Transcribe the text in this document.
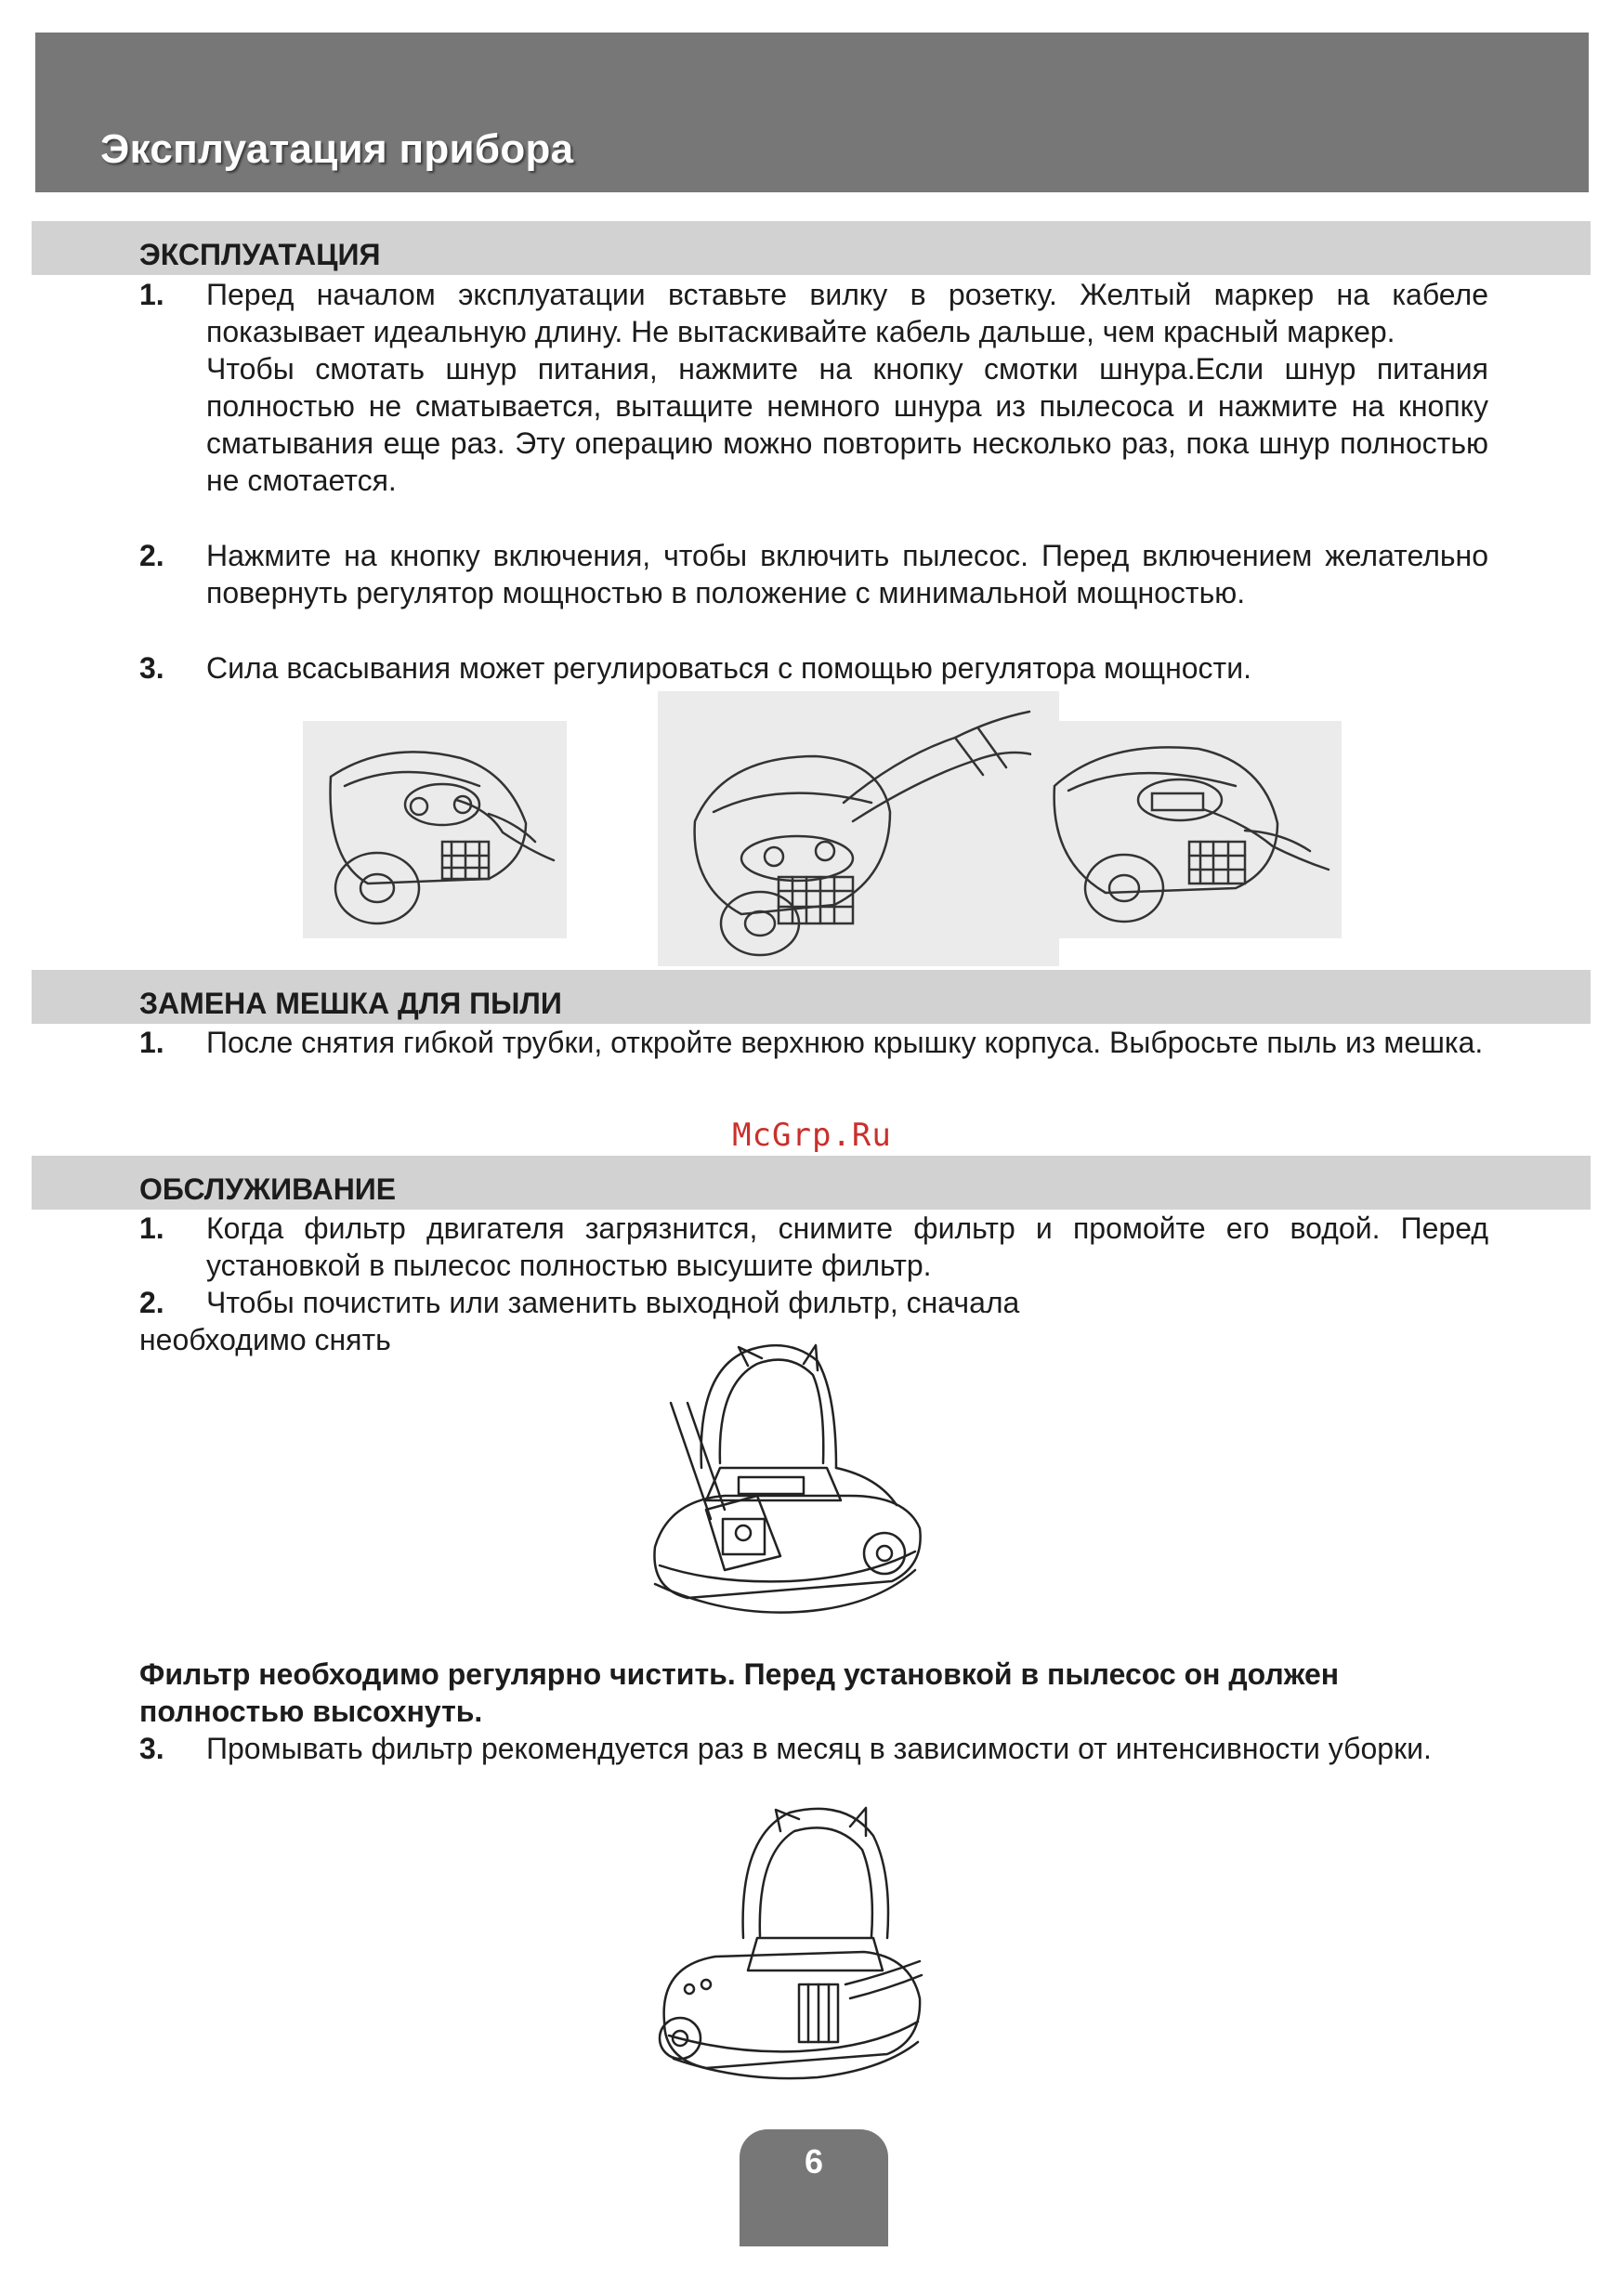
Эксплуатация прибора
ЭКСПЛУАТАЦИЯ
1. Перед началом эксплуатации вставьте вилку в розетку. Желтый маркер на кабеле показывает идеальную длину. Не вытаскивайте кабель дальше, чем красный маркер.
Чтобы смотать шнур питания, нажмите на кнопку смотки шнура.Если шнур питания полностью не сматывается, вытащите немного шнура из пылесоса и нажмите на кнопку сматывания еще раз. Эту операцию можно повторить несколько раз, пока шнур полностью не смотается.
2. Нажмите на кнопку включения, чтобы включить пылесос. Перед включением желательно повернуть регулятор мощностью в положение с минимальной мощностью.
3. Сила всасывания может регулироваться с помощью регулятора мощности.
ЗАМЕНА МЕШКА ДЛЯ ПЫЛИ
1. После снятия гибкой трубки, откройте верхнюю крышку корпуса. Выбросьте пыль из мешка.
McGrp.Ru
ОБСЛУЖИВАНИЕ
1. Когда фильтр двигателя загрязнится, снимите фильтр и промойте его водой. Перед установкой в пылесос полностью высушите фильтр.
2. Чтобы почистить или заменить выходной фильтр, сначала
необходимо снять
Фильтр необходимо регулярно чистить. Перед установкой в пылесос он должен полностью высохнуть.
3. Промывать фильтр рекомендуется раз в месяц в зависимости от интенсивности уборки.
6
